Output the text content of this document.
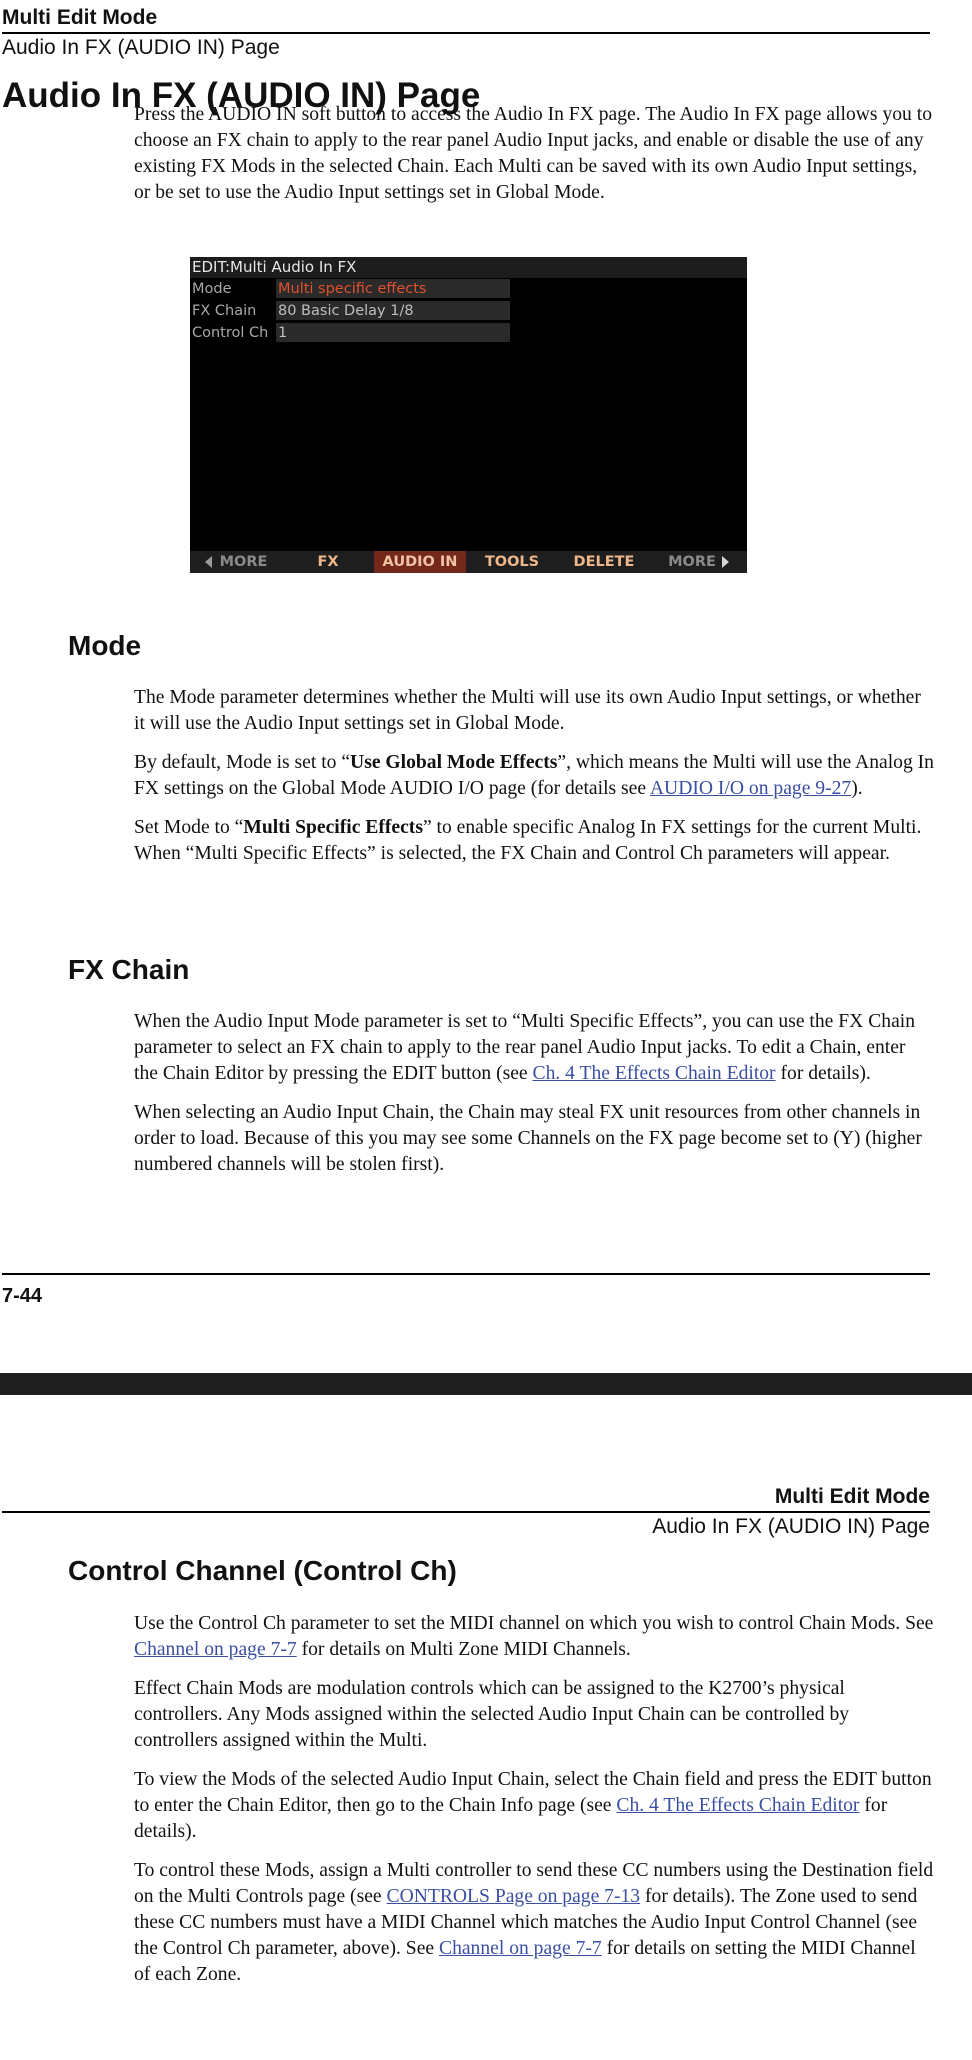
Multi Edit Mode
Audio In FX (AUDIO IN) Page
Audio In FX (AUDIO IN) Page

Press the AUDIO IN soft button to access the Audio In FX page. The Audio In FX page allows you to choose an FX chain to apply to the rear panel Audio Input jacks, and enable or disable the use of any existing FX Mods in the selected Chain. Each Multi can be saved with its own Audio Input settings, or be set to use the Audio Input settings set in Global Mode.

EDIT:Multi Audio In FX
Mode	Multi specific effects
FX Chain 80 Basic Delay 1/8
Control Ch 1
MORE	FX	AUDIO IN	TOOLS	DELETE	MORE
Mode

The Mode parameter determines whether the Multi will use its own Audio Input settings, or whether it will use the Audio Input settings set in Global Mode.

By default, Mode is set to “Use Global Mode Effects”, which means the Multi will use the Analog In FX settings on the Global Mode AUDIO I/O page (for details see AUDIO I/O on page 9-27).

Set Mode to “Multi Specific Effects” to enable specific Analog In FX settings for the current Multi. When “Multi Specific Effects” is selected, the FX Chain and Control Ch parameters will appear.

FX Chain

When the Audio Input Mode parameter is set to “Multi Specific Effects”, you can use the FX Chain parameter to select an FX chain to apply to the rear panel Audio Input jacks. To edit a Chain, enter the Chain Editor by pressing the EDIT button (see Ch. 4 The Effects Chain Editor for details).

When selecting an Audio Input Chain, the Chain may steal FX unit resources from other channels in order to load. Because of this you may see some Channels on the FX page become set to (Y) (higher numbered channels will be stolen first).

7-44
Multi Edit Mode
Audio In FX (AUDIO IN) Page
Control Channel (Control Ch)

Use the Control Ch parameter to set the MIDI channel on which you wish to control Chain Mods. See Channel on page 7-7 for details on Multi Zone MIDI Channels.

Effect Chain Mods are modulation controls which can be assigned to the K2700’s physical controllers. Any Mods assigned within the selected Audio Input Chain can be controlled by controllers assigned within the Multi.

To view the Mods of the selected Audio Input Chain, select the Chain field and press the EDIT button to enter the Chain Editor, then go to the Chain Info page (see Ch. 4 The Effects Chain Editor for details).

To control these Mods, assign a Multi controller to send these CC numbers using the Destination field on the Multi Controls page (see CONTROLS Page on page 7-13 for details). The Zone used to send these CC numbers must have a MIDI Channel which matches the Audio Input Control Channel (see the Control Ch parameter, above). See Channel on page 7-7 for details on setting the MIDI Channel of each Zone.
